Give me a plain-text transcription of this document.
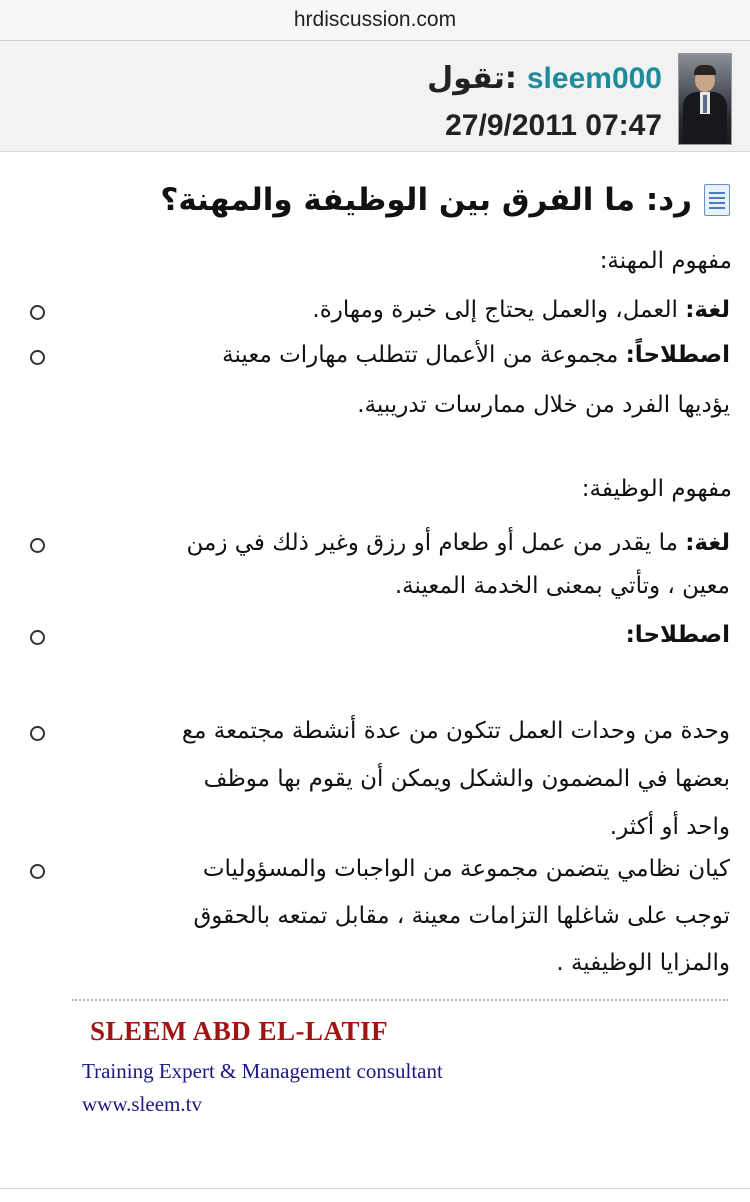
hrdiscussion.com
تقول: sleem000
27/9/2011 07:47
رد: ما الفرق بين الوظيفة والمهنة؟
مفهوم المهنة:
لغة: العمل، والعمل يحتاج إلى خبرة ومهارة.
اصطلاحاً: مجموعة من الأعمال تتطلب مهارات معينة
يؤديها الفرد من خلال ممارسات تدريبية.
مفهوم الوظيفة:
لغة: ما يقدر من عمل أو طعام أو رزق وغير ذلك في زمن
معين ، وتأتي بمعنى الخدمة المعينة.
اصطلاحا:
وحدة من وحدات العمل تتكون من عدة أنشطة مجتمعة مع
بعضها في المضمون والشكل ويمكن أن يقوم بها موظف
واحد أو أكثر.
كيان نظامي يتضمن مجموعة من الواجبات والمسؤوليات
توجب على شاغلها التزامات معينة ، مقابل تمتعه بالحقوق
والمزايا الوظيفية .
SLEEM ABD EL-LATIF
Training Expert & Management consultant
www.sleem.tv
